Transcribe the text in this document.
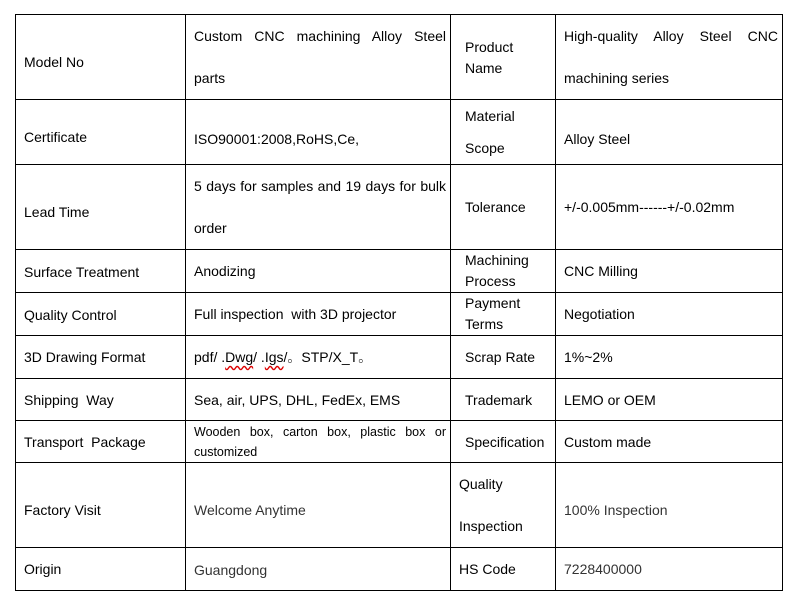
Model No	Custom CNC machining Alloy Steel parts	Product Name	High-quality Alloy Steel CNC machining series

Certificate	ISO90001:2008,RoHS,Ce,	Material Scope	Alloy Steel

Lead Time	5 days for samples and 19 days for bulk order	Tolerance	+/-0.005mm------+/-0.02mm

Surface Treatment	Anodizing	Machining Process	CNC Milling

Quality Control	Full inspection  with 3D projector	Payment Terms	Negotiation
3D Drawing Format	pdf/ .Dwg/ .Igs/。STP/X_T。	Scrap Rate	1%~2%
Shipping  Way	Sea, air, UPS, DHL, FedEx, EMS	Trademark	LEMO or OEM
Transport  Package	Wooden box, carton box, plastic box or customized	Specification	Custom made

Factory Visit	Welcome Anytime	Quality Inspection	100% Inspection

Origin	Guangdong	HS Code	7228400000
